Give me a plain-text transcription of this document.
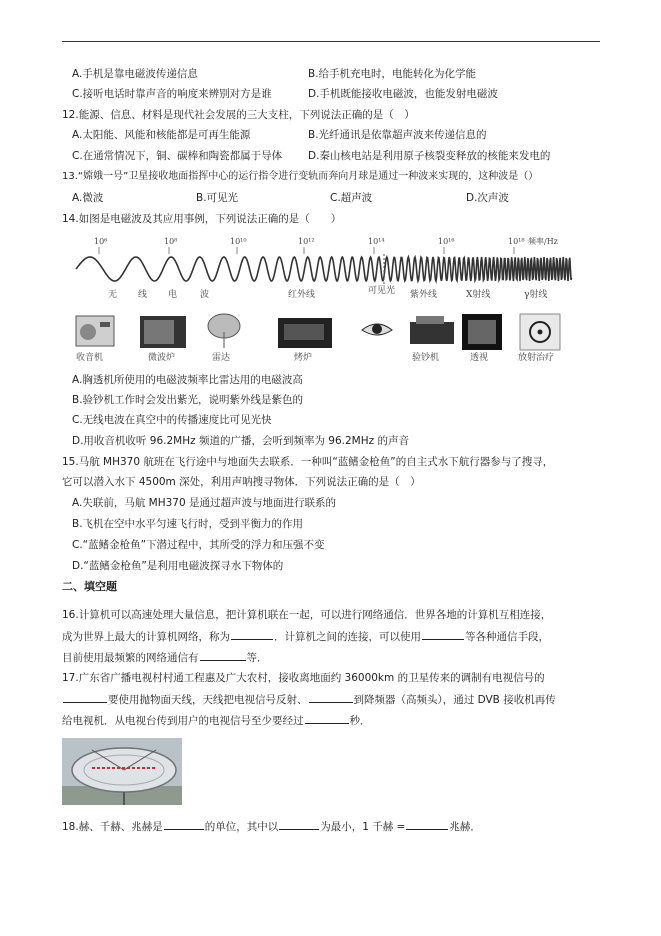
A.手机是靠电磁波传递信息	B.给手机充电时，电能转化为化学能
C.接听电话时靠声音的响度来辨别对方是谁	D.手机既能接收电磁波，也能发射电磁波
12.能源、信息、材料是现代社会发展的三大支柱，下列说法正确的是（　）
A.太阳能、风能和核能都是可再生能源	B.光纤通讯是依靠超声波来传递信息的
C.在通常情况下，铜、碳棒和陶瓷都属于导体 D.秦山核电站是利用原子核裂变释放的核能来发电的
13.“嫦娥一号”卫星接收地面指挥中心的运行指令进行变轨而奔向月球是通过一种波来实现的，这种波是（）
A.微波	B.可见光	C.超声波	D.次声波
14.如图是电磁波及其应用事例，下列说法正确的是（　　）
10⁶	10⁸	10¹⁰	10¹²	10¹⁴	10¹⁶	10¹⁸ 频率/Hz
无 线 电	波	红外线	可见光 紫外线	X射线	γ射线
收音机	微波炉	雷达	烤炉	验钞机	透视	放射治疗
A.胸透机所使用的电磁波频率比雷达用的电磁波高
B.验钞机工作时会发出紫光，说明紫外线是紫色的
C.无线电波在真空中的传播速度比可见光快
D.用收音机收听 96.2MHz 频道的广播，会听到频率为 96.2MHz 的声音
15.马航 MH370 航班在飞行途中与地面失去联系．一种叫“蓝鳍金枪鱼”的自主式水下航行器参与了搜寻，
它可以潜入水下 4500m 深处，利用声呐搜寻物体．下列说法正确的是（　）
A.失联前，马航 MH370 是通过超声波与地面进行联系的
B.飞机在空中水平匀速飞行时，受到平衡力的作用
C.“蓝鳍金枪鱼”下潜过程中，其所受的浮力和压强不变
D.“蓝鳍金枪鱼”是利用电磁波探寻水下物体的
二、填空题
16.计算机可以高速处理大量信息，把计算机联在一起，可以进行网络通信．世界各地的计算机互相连接，
成为世界上最大的计算机网络，称为	．计算机之间的连接，可以使用	等各种通信手段，
目前使用最频繁的网络通信有	等．
17.广东省广播电视村村通工程惠及广大农村，接收离地面约 36000km 的卫星传来的调制有电视信号的
要使用抛物面天线，天线把电视信号反射、	到降频器（高频头），通过 DVB 接收机再传
给电视机．从电视台传到用户的电视信号至少要经过	秒．
18.赫、千赫、兆赫是	的单位，其中以	为最小，1 千赫 =	兆赫．
